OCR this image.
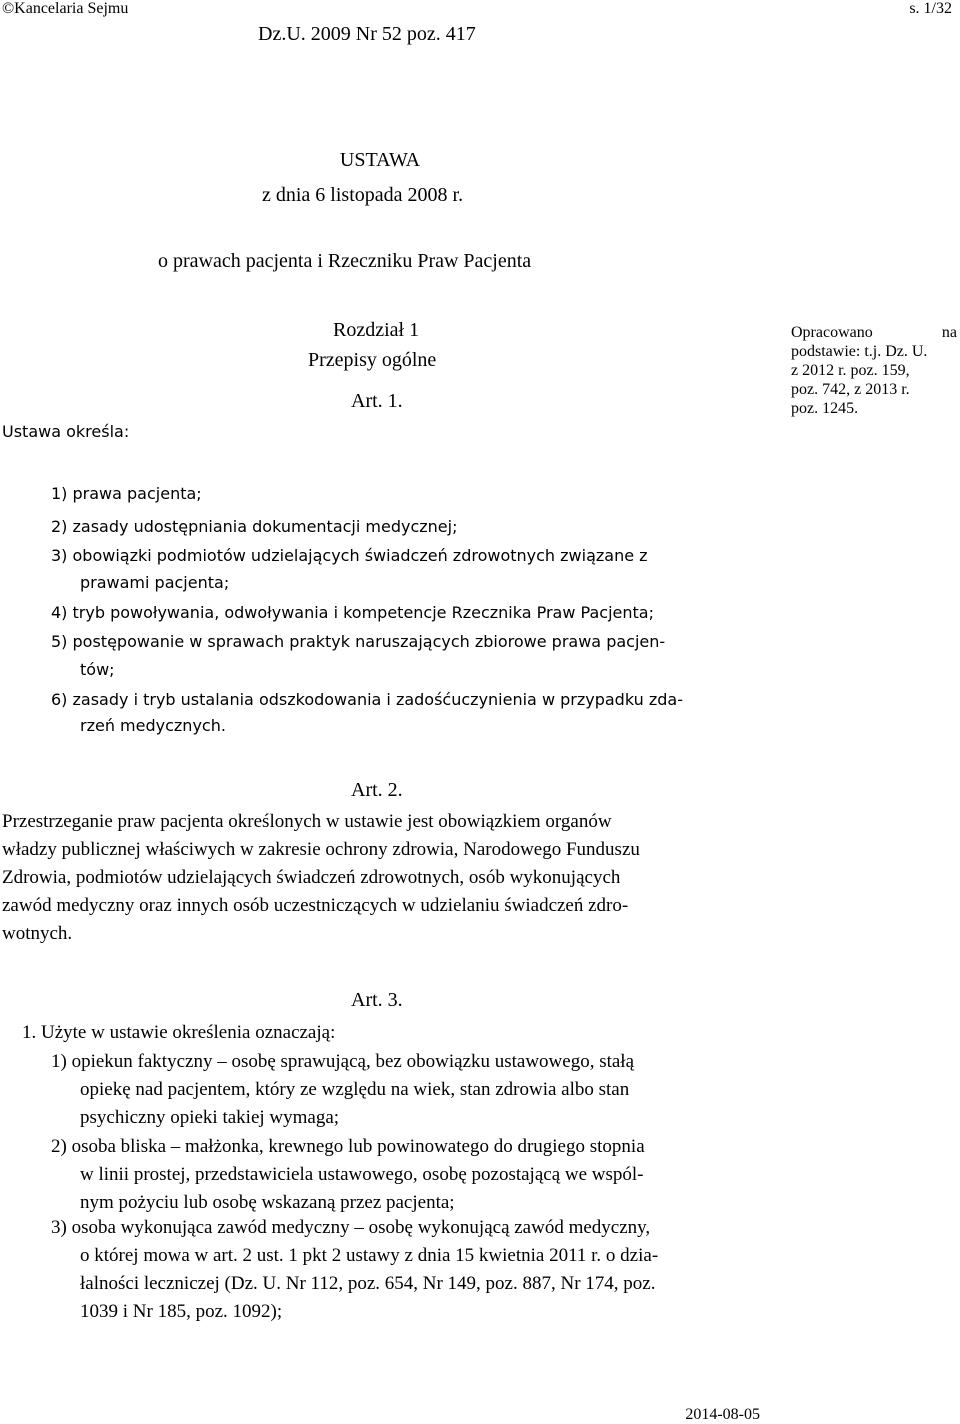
©Kancelaria Sejmu	s. 1/32
Dz.U. 2009 Nr 52 poz. 417
USTAWA
z dnia 6 listopada 2008 r.
o prawach pacjenta i Rzeczniku Praw Pacjenta
Rozdział 1
Przepisy ogólne
Opracowano	na
podstawie: t.j. Dz. U.
z 2012 r. poz. 159,
poz. 742, z 2013 r.
poz. 1245.
Art. 1.
Ustawa określa:
1) prawa pacjenta;
2) zasady udostępniania dokumentacji medycznej;
3) obowiązki podmiotów udzielających świadczeń zdrowotnych związane z
prawami pacjenta;
4) tryb powoływania, odwoływania i kompetencje Rzecznika Praw Pacjenta;
5) postępowanie w sprawach praktyk naruszających zbiorowe prawa pacjen-
tów;
6) zasady i tryb ustalania odszkodowania i zadośćuczynienia w przypadku zda-
rzeń medycznych.
Art. 2.
Przestrzeganie praw pacjenta określonych w ustawie jest obowiązkiem organów
władzy publicznej właściwych w zakresie ochrony zdrowia, Narodowego Funduszu
Zdrowia, podmiotów udzielających świadczeń zdrowotnych, osób wykonujących
zawód medyczny oraz innych osób uczestniczących w udzielaniu świadczeń zdro-
wotnych.
Art. 3.
1. Użyte w ustawie określenia oznaczają:
1) opiekun faktyczny – osobę sprawującą, bez obowiązku ustawowego, stałą
opiekę nad pacjentem, który ze względu na wiek, stan zdrowia albo stan
psychiczny opieki takiej wymaga;
2) osoba bliska – małżonka, krewnego lub powinowatego do drugiego stopnia
w linii prostej, przedstawiciela ustawowego, osobę pozostającą we wspól-
nym pożyciu lub osobę wskazaną przez pacjenta;
3) osoba wykonująca zawód medyczny – osobę wykonującą zawód medyczny,
o której mowa w art. 2 ust. 1 pkt 2 ustawy z dnia 15 kwietnia 2011 r. o dzia-
łalności leczniczej (Dz. U. Nr 112, poz. 654, Nr 149, poz. 887, Nr 174, poz.
1039 i Nr 185, poz. 1092);
2014-08-05
